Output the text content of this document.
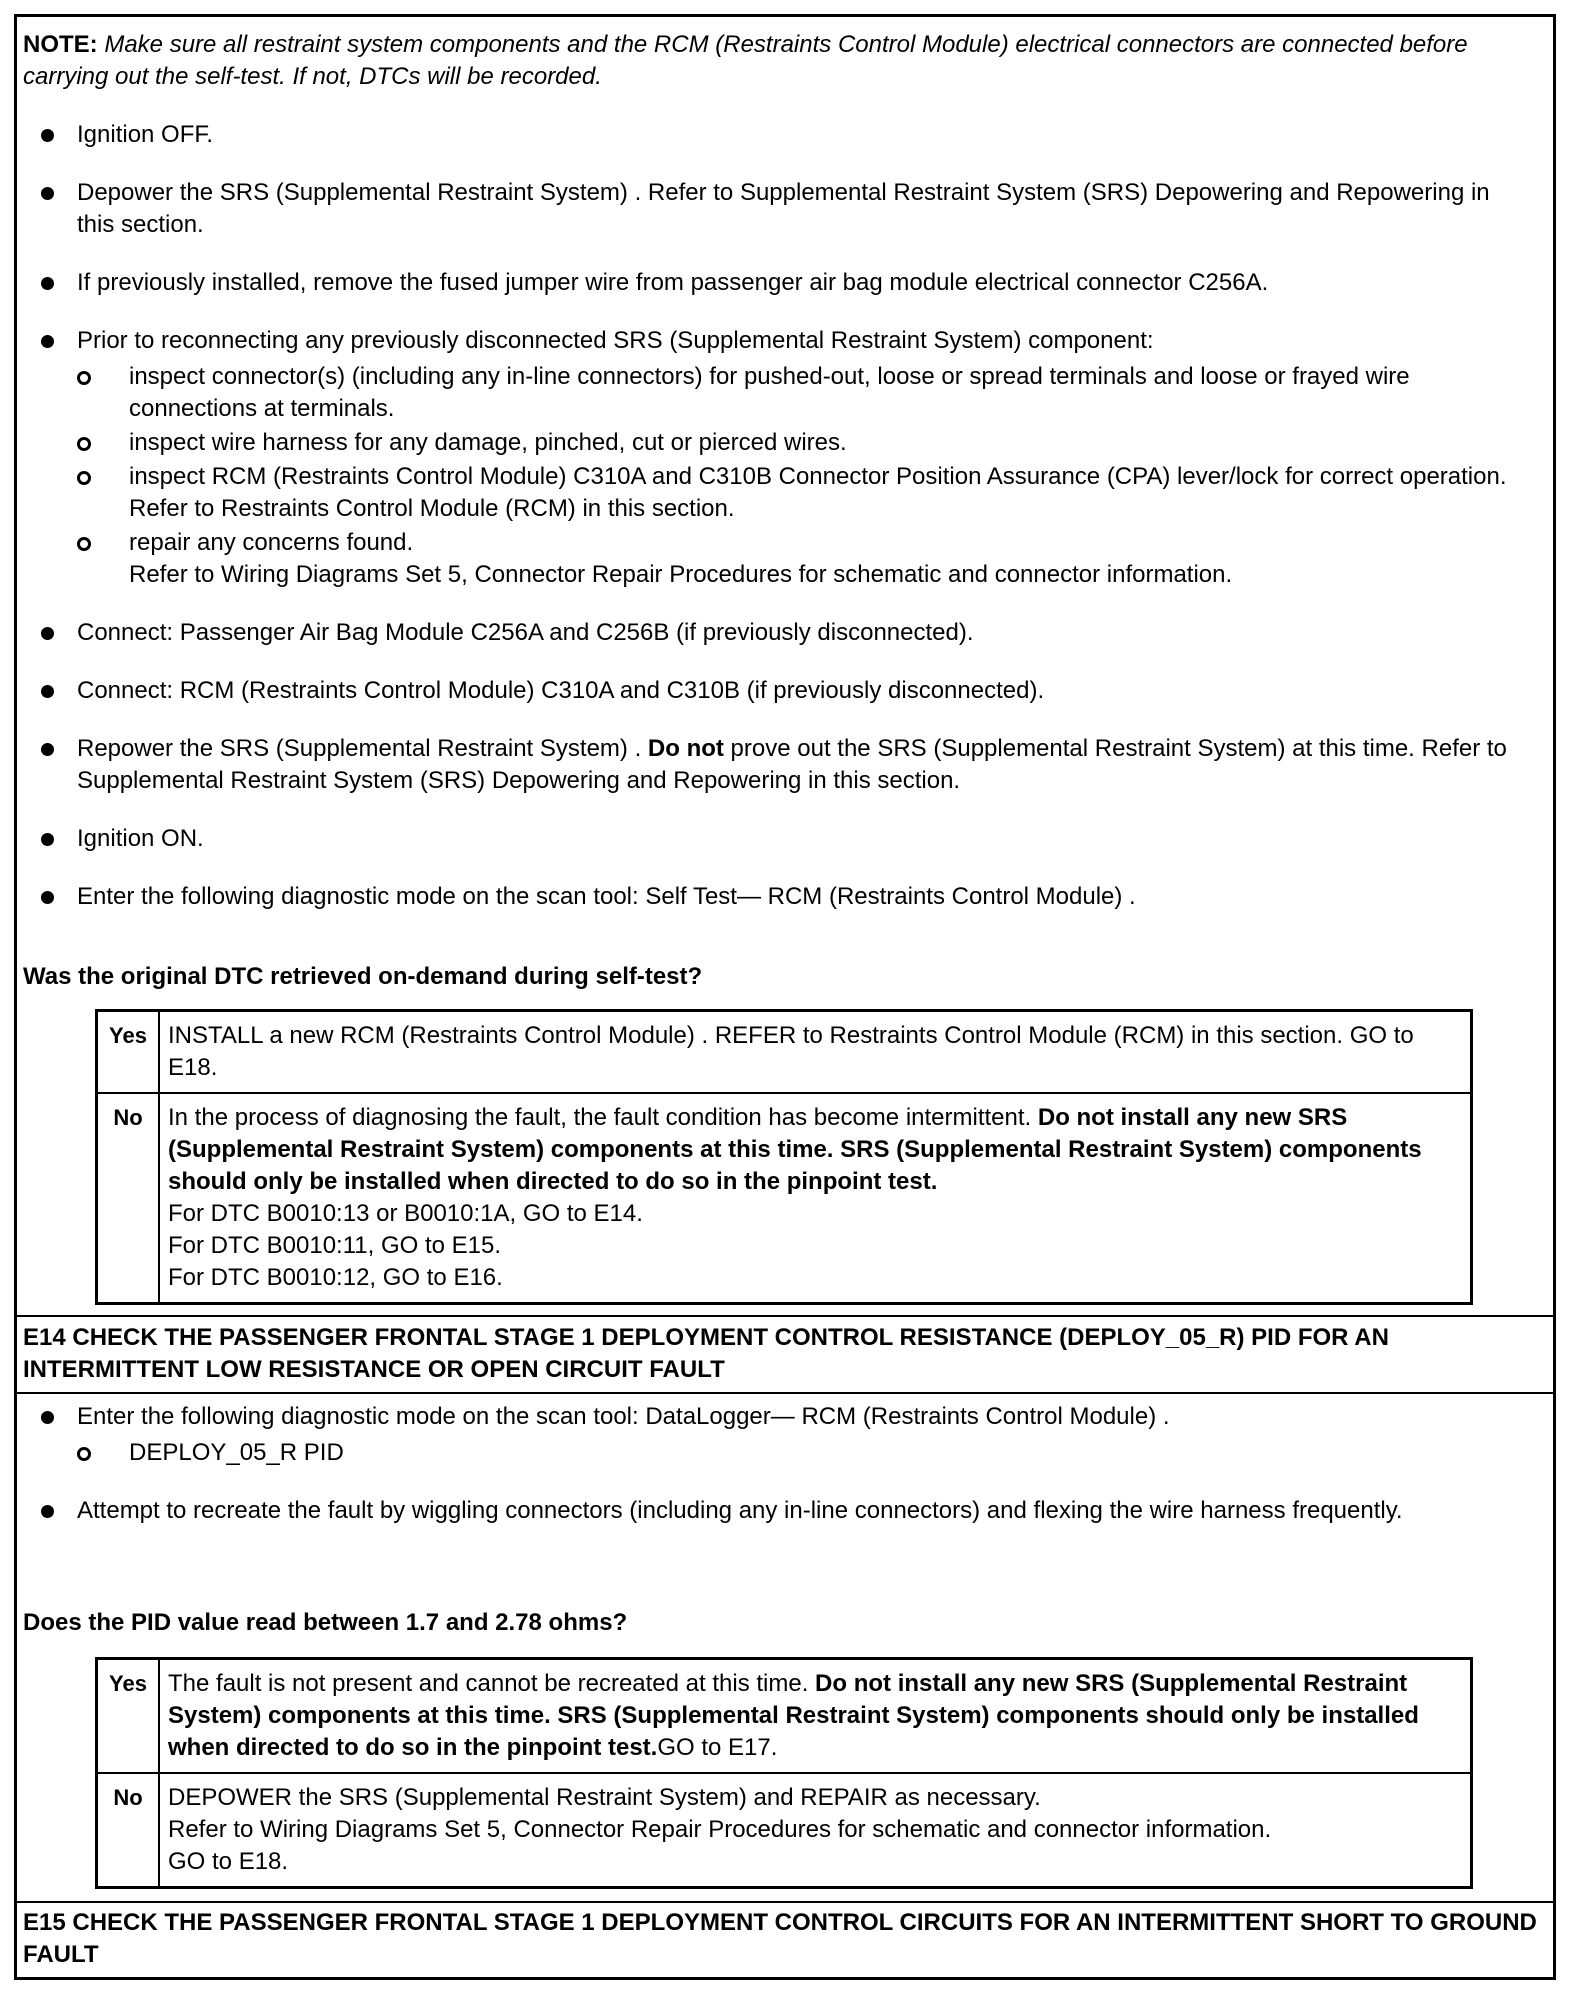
NOTE: Make sure all restraint system components and the RCM (Restraints Control Module) electrical connectors are connected before carrying out the self-test. If not, DTCs will be recorded.
Ignition OFF.
Depower the SRS (Supplemental Restraint System) . Refer to Supplemental Restraint System (SRS) Depowering and Repowering in this section.
If previously installed, remove the fused jumper wire from passenger air bag module electrical connector C256A.
Prior to reconnecting any previously disconnected SRS (Supplemental Restraint System) component:
inspect connector(s) (including any in-line connectors) for pushed-out, loose or spread terminals and loose or frayed wire connections at terminals.
inspect wire harness for any damage, pinched, cut or pierced wires.
inspect RCM (Restraints Control Module) C310A and C310B Connector Position Assurance (CPA) lever/lock for correct operation. Refer to Restraints Control Module (RCM) in this section.
repair any concerns found.
Refer to Wiring Diagrams Set 5, Connector Repair Procedures for schematic and connector information.
Connect: Passenger Air Bag Module C256A and C256B (if previously disconnected).
Connect: RCM (Restraints Control Module) C310A and C310B (if previously disconnected).
Repower the SRS (Supplemental Restraint System) . Do not prove out the SRS (Supplemental Restraint System) at this time. Refer to Supplemental Restraint System (SRS) Depowering and Repowering in this section.
Ignition ON.
Enter the following diagnostic mode on the scan tool: Self Test— RCM (Restraints Control Module) .
Was the original DTC retrieved on-demand during self-test?
Yes	INSTALL a new RCM (Restraints Control Module) . REFER to Restraints Control Module (RCM) in this section. GO to E18.
No	In the process of diagnosing the fault, the fault condition has become intermittent. Do not install any new SRS (Supplemental Restraint System) components at this time. SRS (Supplemental Restraint System) components should only be installed when directed to do so in the pinpoint test.
For DTC B0010:13 or B0010:1A, GO to E14.
For DTC B0010:11, GO to E15.
For DTC B0010:12, GO to E16.
E14 CHECK THE PASSENGER FRONTAL STAGE 1 DEPLOYMENT CONTROL RESISTANCE (DEPLOY_05_R) PID FOR AN INTERMITTENT LOW RESISTANCE OR OPEN CIRCUIT FAULT
Enter the following diagnostic mode on the scan tool: DataLogger— RCM (Restraints Control Module) .
DEPLOY_05_R PID
Attempt to recreate the fault by wiggling connectors (including any in-line connectors) and flexing the wire harness frequently.
Does the PID value read between 1.7 and 2.78 ohms?
Yes	The fault is not present and cannot be recreated at this time. Do not install any new SRS (Supplemental Restraint System) components at this time. SRS (Supplemental Restraint System) components should only be installed when directed to do so in the pinpoint test.GO to E17.
No	DEPOWER the SRS (Supplemental Restraint System) and REPAIR as necessary.
Refer to Wiring Diagrams Set 5, Connector Repair Procedures for schematic and connector information.
GO to E18.
E15 CHECK THE PASSENGER FRONTAL STAGE 1 DEPLOYMENT CONTROL CIRCUITS FOR AN INTERMITTENT SHORT TO GROUND FAULT
